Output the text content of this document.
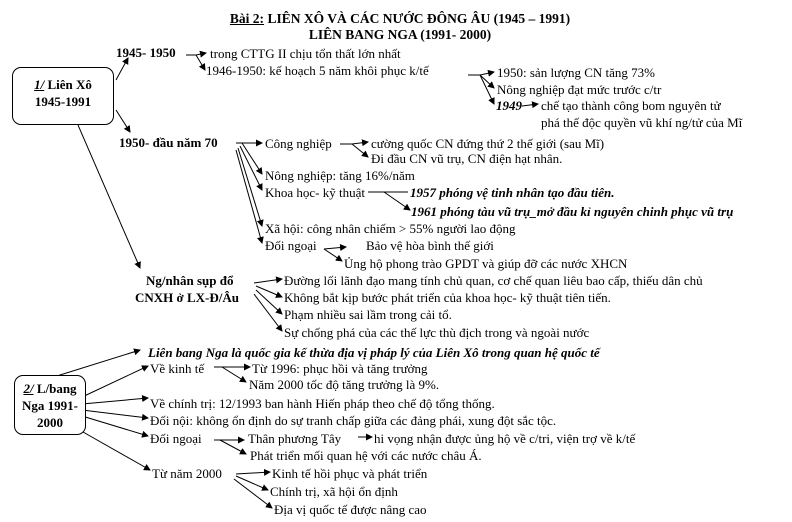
Bài 2: LIÊN XÔ VÀ CÁC NƯỚC ĐÔNG ÂU (1945 – 1991)
LIÊN BANG NGA (1991- 2000)
1/ Liên Xô
1945-1991
1945- 1950	trong CTTG II chịu tổn thất lớn nhất
1946-1950: kế hoạch 5 năm khôi phục k/tế	1950: sản lượng CN tăng 73%
Nông nghiệp đạt mức trước c/tr
1949 chế tạo thành công bom nguyên tử
phá thế độc quyền vũ khí ng/tử của Mĩ
1950- đầu năm 70	Công nghiệp	cường quốc CN đứng thứ 2 thế giới (sau Mĩ)
Đi đầu CN vũ trụ, CN điện hạt nhân.
Nông nghiệp: tăng 16%/năm
Khoa học- kỹ thuật	1957 phóng vệ tinh nhân tạo đầu tiên.
1961 phóng tàu vũ trụ_mở đầu kỉ nguyên chinh phục vũ trụ
Xã hội: công nhân chiếm > 55% người lao động
Đối ngoại	Bảo vệ hòa bình thế giới
Ủng hộ phong trào GPDT và giúp đỡ các nước XHCN
Ng/nhân sụp đổ
CNXH ở LX-Đ/Âu
Đường lối lãnh đạo mang tính chủ quan, cơ chế quan liêu bao cấp, thiếu dân chủ
Không bắt kịp bước phát triển của khoa học- kỹ thuật tiên tiến.
Phạm nhiều sai lầm trong cải tổ.
Sự chống phá của các thế lực thù địch trong và ngoài nước
2/ L/bang
Nga 1991-
2000
Liên bang Nga là quốc gia kế thừa địa vị pháp lý của Liên Xô trong quan hệ quốc tế
Về kinh tế	Từ 1996: phục hồi và tăng trưởng
Năm 2000 tốc độ tăng trưởng là 9%.
Về chính trị: 12/1993 ban hành Hiến pháp theo chế độ tổng thống.
Đối nội: không ổn định do sự tranh chấp giữa các đảng phái, xung đột sắc tộc.
Đối ngoại	Thân phương Tây	hi vọng nhận được ủng hộ về c/tri, viện trợ về k/tế
Phát triển mối quan hệ với các nước châu Á.
Từ năm 2000	Kinh tế hồi phục và phát triển
Chính trị, xã hội ổn định
Địa vị quốc tế được nâng cao
